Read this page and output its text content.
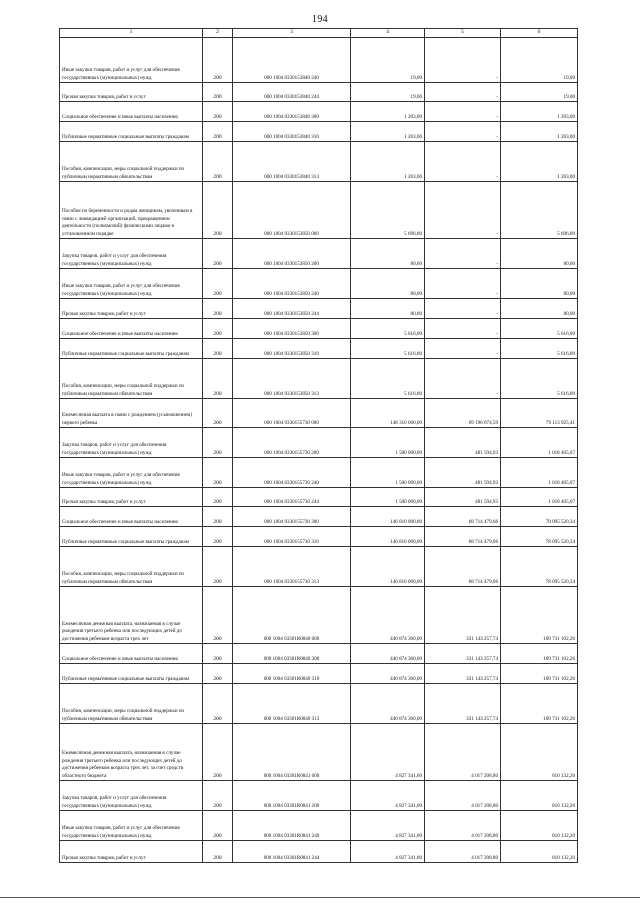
194
1	2	3	4	5	6
Иные закупки товаров, работ и услуг для обеспечения государственных (муниципальных) нужд	200	000 1004 0330153840 240	19,00	-	19,00
Прочая закупка товаров, работ и услуг	200	000 1004 0330153840 244	19,00	-	19,00
Социальное обеспечение и иные выплаты населению	200	000 1004 0330153840 300	1 203,00	-	1 203,00
Публичные нормативные социальные выплаты гражданам	200	000 1004 0330153840 310	1 203,00	-	1 203,00
Пособия, компенсации, меры социальной поддержки по публичным нормативным обязательствам	200	000 1004 0330153840 313	1 203,00	-	1 203,00
Пособие по беременности и родам женщинам, уволенным в связи с ликвидацией организаций, прекращением деятельности (полномочий) физическими лицами в установленном порядке	200	000 1004 0330153850 000	5 696,00	-	5 696,00
Закупка товаров, работ и услуг для обеспечения государственных (муниципальных) нужд	200	000 1004 0330153850 200	80,00	-	80,00
Иные закупки товаров, работ и услуг для обеспечения государственных (муниципальных) нужд	200	000 1004 0330153850 240	80,00	-	80,00
Прочая закупка товаров, работ и услуг	200	000 1004 0330153850 244	80,00	-	80,00
Социальное обеспечение и иные выплаты населению	200	000 1004 0330153850 300	5 616,00	-	5 616,00
Публичные нормативные социальные выплаты гражданам	200	000 1004 0330153850 310	5 616,00	-	5 616,00
Пособия, компенсации, меры социальной поддержки по публичным нормативным обязательствам	200	000 1004 0330153850 313	5 616,00	-	5 616,00
Ежемесячная выплата в связи с рождением (усыновлением) первого ребенка	200	000 1004 0330155730 000	148 310 000,00	69 196 074,59	79 113 925,41
Закупка товаров, работ и услуг для обеспечения государственных (муниципальных) нужд	200	000 1004 0330155730 200	1 500 000,00	481 594,93	1 018 405,07
Иные закупки товаров, работ и услуг для обеспечения государственных (муниципальных) нужд	200	000 1004 0330155730 240	1 500 000,00	481 594,93	1 018 405,07
Прочая закупка товаров, работ и услуг	200	000 1004 0330155730 244	1 500 000,00	481 594,93	1 018 405,07
Социальное обеспечение и иные выплаты населению	200	000 1004 0330155730 300	146 810 000,00	68 714 479,66	78 095 520,34
Публичные нормативные социальные выплаты гражданам	200	000 1004 0330155730 310	146 810 000,00	68 714 479,66	78 095 520,34
Пособия, компенсации, меры социальной поддержки по публичным нормативным обязательствам	200	000 1004 0330155730 313	146 810 000,00	68 714 479,66	78 095 520,34
Ежемесячная денежная выплата, назначаемая в случае рождения третьего ребенка или последующих детей до достижения ребенком возраста трех лет	200	000 1004 03301R0840 000	440 874 360,00	331 143 257,74	109 731 102,26
Социальное обеспечение и иные выплаты населению	200	000 1004 03301R0840 300	440 874 360,00	331 143 257,74	109 731 102,26
Публичные нормативные социальные выплаты гражданам	200	000 1004 03301R0840 310	440 874 360,00	331 143 257,74	109 731 102,26
Пособия, компенсации, меры социальной поддержки по публичным нормативным обязательствам	200	000 1004 03301R0840 313	440 874 360,00	331 143 257,74	109 731 102,26
Ежемесячная денежная выплата, назначаемая в случае рождения третьего ребенка или последующих детей до достижения ребенком возраста трех лет, за счет средств областного бюджета	200	000 1004 03301R0841 000	4 827 341,00	4 017 208,80	810 132,20
Закупка товаров, работ и услуг для обеспечения государственных (муниципальных) нужд	200	000 1004 03301R0841 200	4 827 341,00	4 017 208,80	810 132,20
Иные закупки товаров, работ и услуг для обеспечения государственных (муниципальных) нужд	200	000 1004 03301R0841 240	4 827 341,00	4 017 208,80	810 132,20
Прочая закупка товаров, работ и услуг	200	000 1004 03301R0841 244	4 827 341,00	4 017 208,80	810 132,20
